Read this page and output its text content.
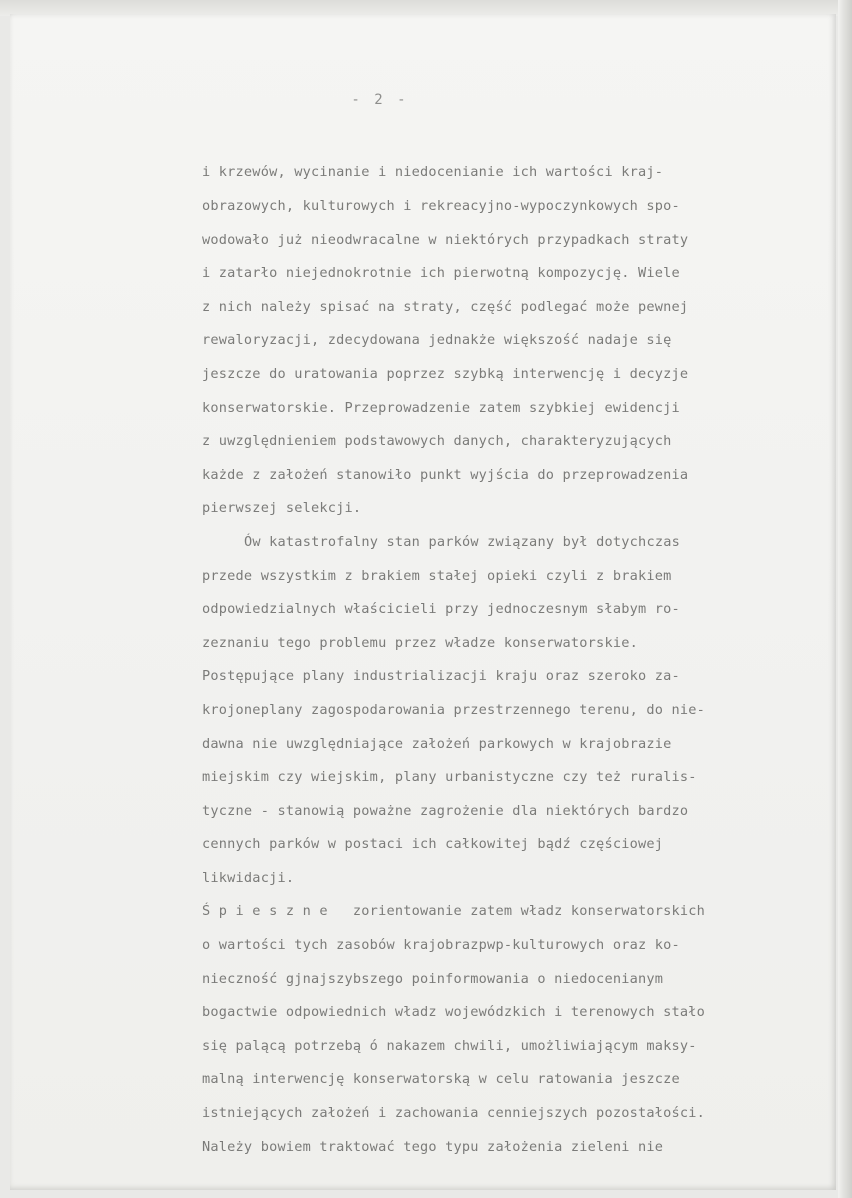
- 2 -
i krzewów, wycinanie i niedocenianie ich wartości kraj-
obrazowych, kulturowych i rekreacyjno-wypoczynkowych spo-
wodowało już nieodwracalne w niektórych przypadkach straty
i zatarło niejednokrotnie ich pierwotną kompozycję. Wiele
z nich należy spisać na straty, część podlegać może pewnej
rewaloryzacji, zdecydowana jednakże większość nadaje się
jeszcze do uratowania poprzez szybką interwencję i decyzje
konserwatorskie. Przeprowadzenie zatem szybkiej ewidencji
z uwzględnieniem podstawowych danych, charakteryzujących
każde z założeń stanowiło punkt wyjścia do przeprowadzenia
pierwszej selekcji.
Ów katastrofalny stan parków związany był dotychczas
przede wszystkim z brakiem stałej opieki czyli z brakiem
odpowiedzialnych właścicieli przy jednoczesnym słabym ro-
zeznaniu tego problemu przez władze konserwatorskie.
Postępujące plany industrializacji kraju oraz szeroko za-
krojoneplany zagospodarowania przestrzennego terenu, do nie-
dawna nie uwzględniające założeń parkowych w krajobrazie
miejskim czy wiejskim, plany urbanistyczne czy też ruralis-
tyczne - stanowią poważne zagrożenie dla niektórych bardzo
cennych parków w postaci ich całkowitej bądź częściowej
likwidacji.
Ś p i e s z n e   zorientowanie zatem władz konserwatorskich
o wartości tych zasobów krajobrazpwp-kulturowych oraz ko-
nieczność gjnajszybszego poinformowania o niedocenianym
bogactwie odpowiednich władz wojewódzkich i terenowych stało
się palącą potrzebą ó nakazem chwili, umożliwiającym maksy-
malną interwencję konserwatorską w celu ratowania jeszcze
istniejących założeń i zachowania cenniejszych pozostałości.
Należy bowiem traktować tego typu założenia zieleni nie
